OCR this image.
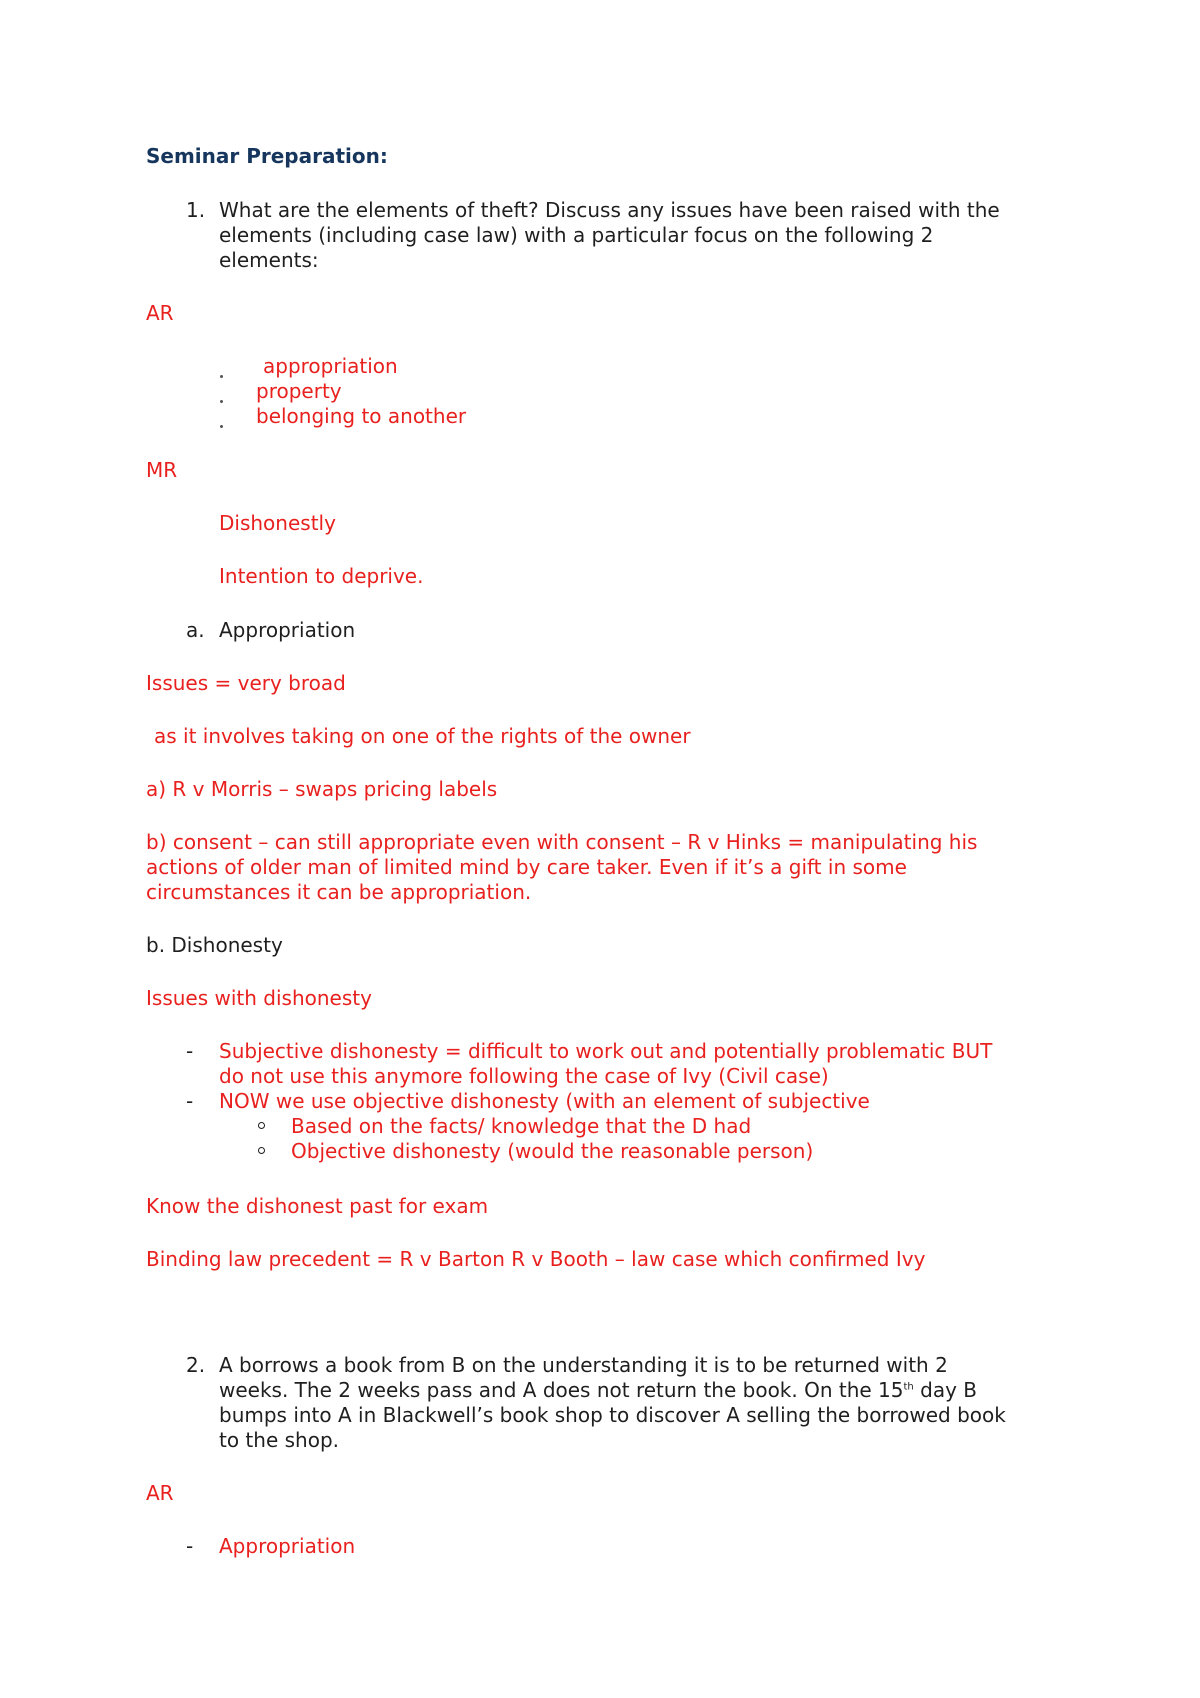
Seminar Preparation:
1. What are the elements of theft? Discuss any issues have been raised with the
elements (including case law) with a particular focus on the following 2
elements:
AR
appropriation
property
belonging to another
MR
Dishonestly
Intention to deprive.
a. Appropriation
Issues = very broad
as it involves taking on one of the rights of the owner
a) R v Morris – swaps pricing labels
b) consent – can still appropriate even with consent – R v Hinks = manipulating his
actions of older man of limited mind by care taker. Even if it’s a gift in some
circumstances it can be appropriation.
b. Dishonesty
Issues with dishonesty
- Subjective dishonesty = difficult to work out and potentially problematic BUT
do not use this anymore following the case of Ivy (Civil case)
- NOW we use objective dishonesty (with an element of subjective
Based on the facts/ knowledge that the D had
Objective dishonesty (would the reasonable person)
Know the dishonest past for exam
Binding law precedent = R v Barton R v Booth – law case which confirmed Ivy
2. A borrows a book from B on the understanding it is to be returned with 2
weeks. The 2 weeks pass and A does not return the book. On the 15th day B
bumps into A in Blackwell’s book shop to discover A selling the borrowed book
to the shop.
AR
- Appropriation
